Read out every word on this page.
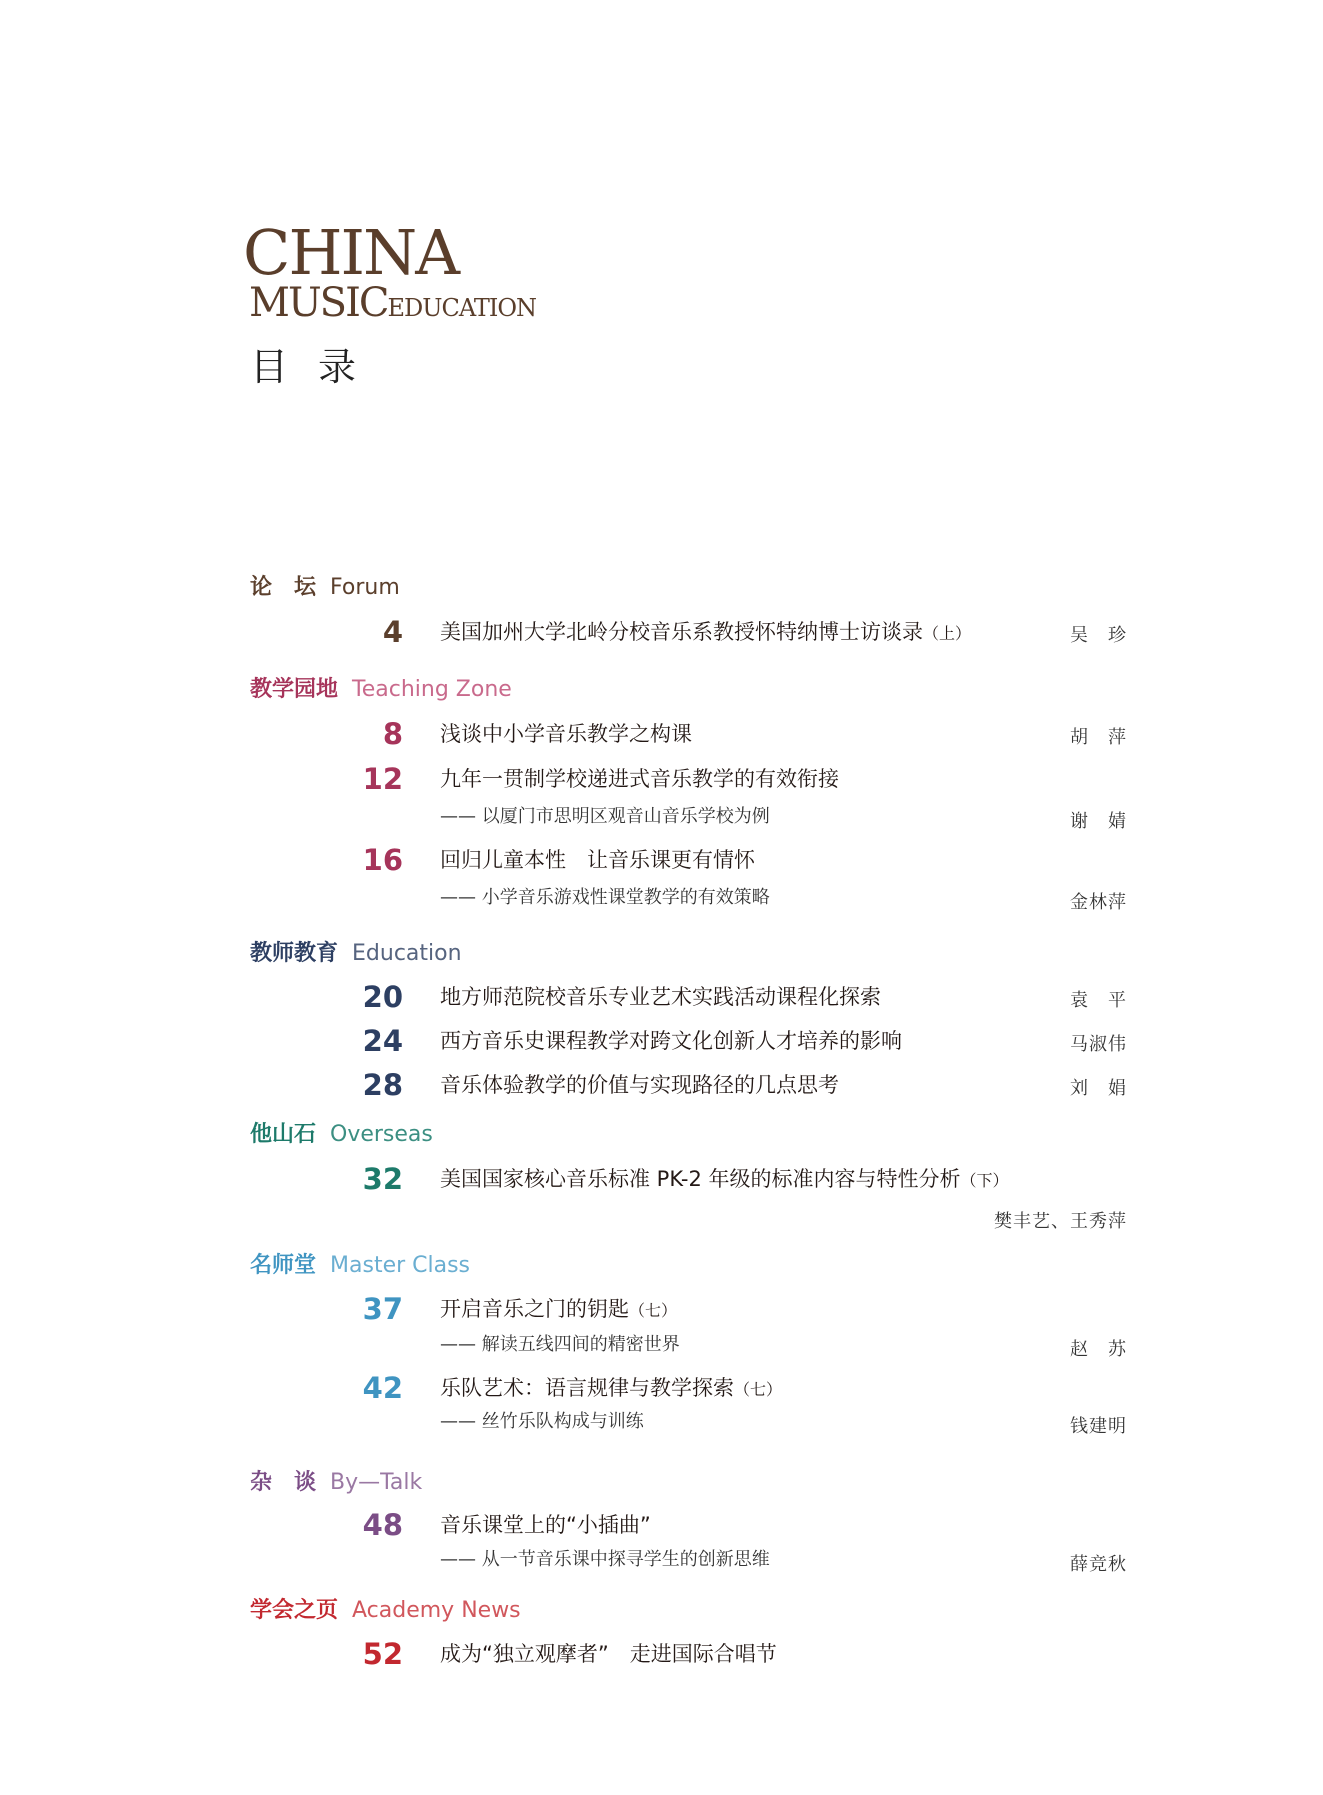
CHINA
MUSICEDUCATION
目录
论　坛 Forum
4 美国加州大学北岭分校音乐系教授怀特纳博士访谈录（上）	吴　珍
教学园地 Teaching Zone
8 浅谈中小学音乐教学之构课	胡　萍
12 九年一贯制学校递进式音乐教学的有效衔接
—— 以厦门市思明区观音山音乐学校为例	谢　婧
16 回归儿童本性　让音乐课更有情怀
—— 小学音乐游戏性课堂教学的有效策略	金林萍
教师教育 Education
20 地方师范院校音乐专业艺术实践活动课程化探索	袁　平
24 西方音乐史课程教学对跨文化创新人才培养的影响	马淑伟
28 音乐体验教学的价值与实现路径的几点思考	刘　娟
他山石 Overseas
32 美国国家核心音乐标准 PK-2 年级的标准内容与特性分析（下）
樊丰艺、王秀萍
名师堂 Master Class
37 开启音乐之门的钥匙（七）
—— 解读五线四间的精密世界	赵　苏
42 乐队艺术：语言规律与教学探索（七）
—— 丝竹乐队构成与训练	钱建明
杂　谈 By—Talk
48 音乐课堂上的“小插曲”
—— 从一节音乐课中探寻学生的创新思维	薛竞秋
学会之页 Academy News
52 成为“独立观摩者”　走进国际合唱节
